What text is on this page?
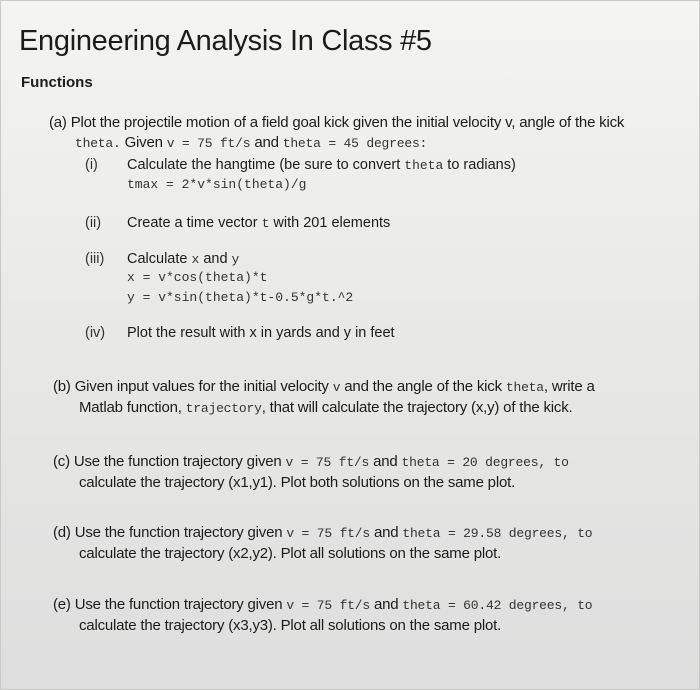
Engineering Analysis In Class #5
Functions
(a) Plot the projectile motion of a field goal kick given the initial velocity v, angle of the kick
theta. Given v = 75 ft/s and theta = 45 degrees:
(i) Calculate the hangtime (be sure to convert theta to radians)
tmax = 2*v*sin(theta)/g
(ii) Create a time vector t with 201 elements
(iii) Calculate x and y
x = v*cos(theta)*t
y = v*sin(theta)*t-0.5*g*t.^2
(iv) Plot the result with x in yards and y in feet
(b) Given input values for the initial velocity v and the angle of the kick theta, write a
Matlab function, trajectory, that will calculate the trajectory (x,y) of the kick.
(c) Use the function trajectory given v = 75 ft/s and theta = 20 degrees, to
calculate the trajectory (x1,y1). Plot both solutions on the same plot.
(d) Use the function trajectory given v = 75 ft/s and theta = 29.58 degrees, to
calculate the trajectory (x2,y2). Plot all solutions on the same plot.
(e) Use the function trajectory given v = 75 ft/s and theta = 60.42 degrees, to
calculate the trajectory (x3,y3). Plot all solutions on the same plot.
